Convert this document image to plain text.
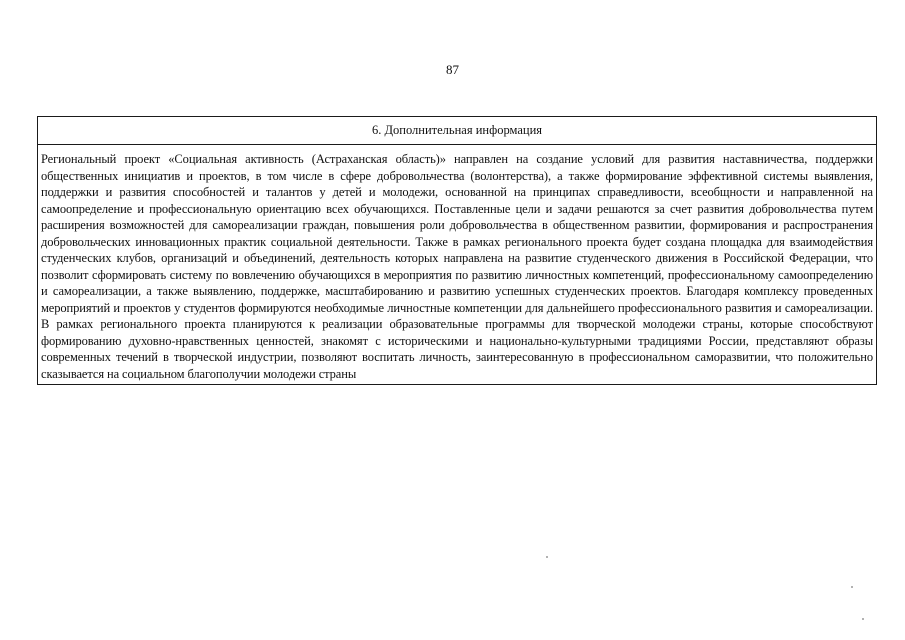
87
6. Дополнительная информация
Региональный проект «Социальная активность (Астраханская область)» направлен на создание условий для развития наставничества, поддержки общественных инициатив и проектов, в том числе в сфере добровольчества (волонтерства), а также формирование эффективной системы выявления, поддержки и развития способностей и талантов у детей и молодежи, основанной на принципах справедливости, всеобщности и направленной на самоопределение и профессиональную ориентацию всех обучающихся. Поставленные цели и задачи решаются за счет развития добровольчества путем расширения возможностей для самореализации граждан, повышения роли добровольчества в общественном развитии, формирования и распространения добровольческих инновационных практик социальной деятельности. Также в рамках регионального проекта будет создана площадка для взаимодействия студенческих клубов, организаций и объединений, деятельность которых направлена на развитие студенческого движения в Российской Федерации, что позволит сформировать систему по вовлечению обучающихся в мероприятия по развитию личностных компетенций, профессиональному самоопределению и самореализации, а также выявлению, поддержке, масштабированию и развитию успешных студенческих проектов. Благодаря комплексу проведенных мероприятий и проектов у студентов формируются необходимые личностные компетенции для дальнейшего профессионального развития и самореализации. В рамках регионального проекта планируются к реализации образовательные программы для творческой молодежи страны, которые способствуют формированию духовно-нравственных ценностей, знакомят с историческими и национально-культурными традициями России, представляют образы современных течений в творческой индустрии, позволяют воспитать личность, заинтересованную в профессиональном саморазвитии, что положительно сказывается на социальном благополучии молодежи страны
